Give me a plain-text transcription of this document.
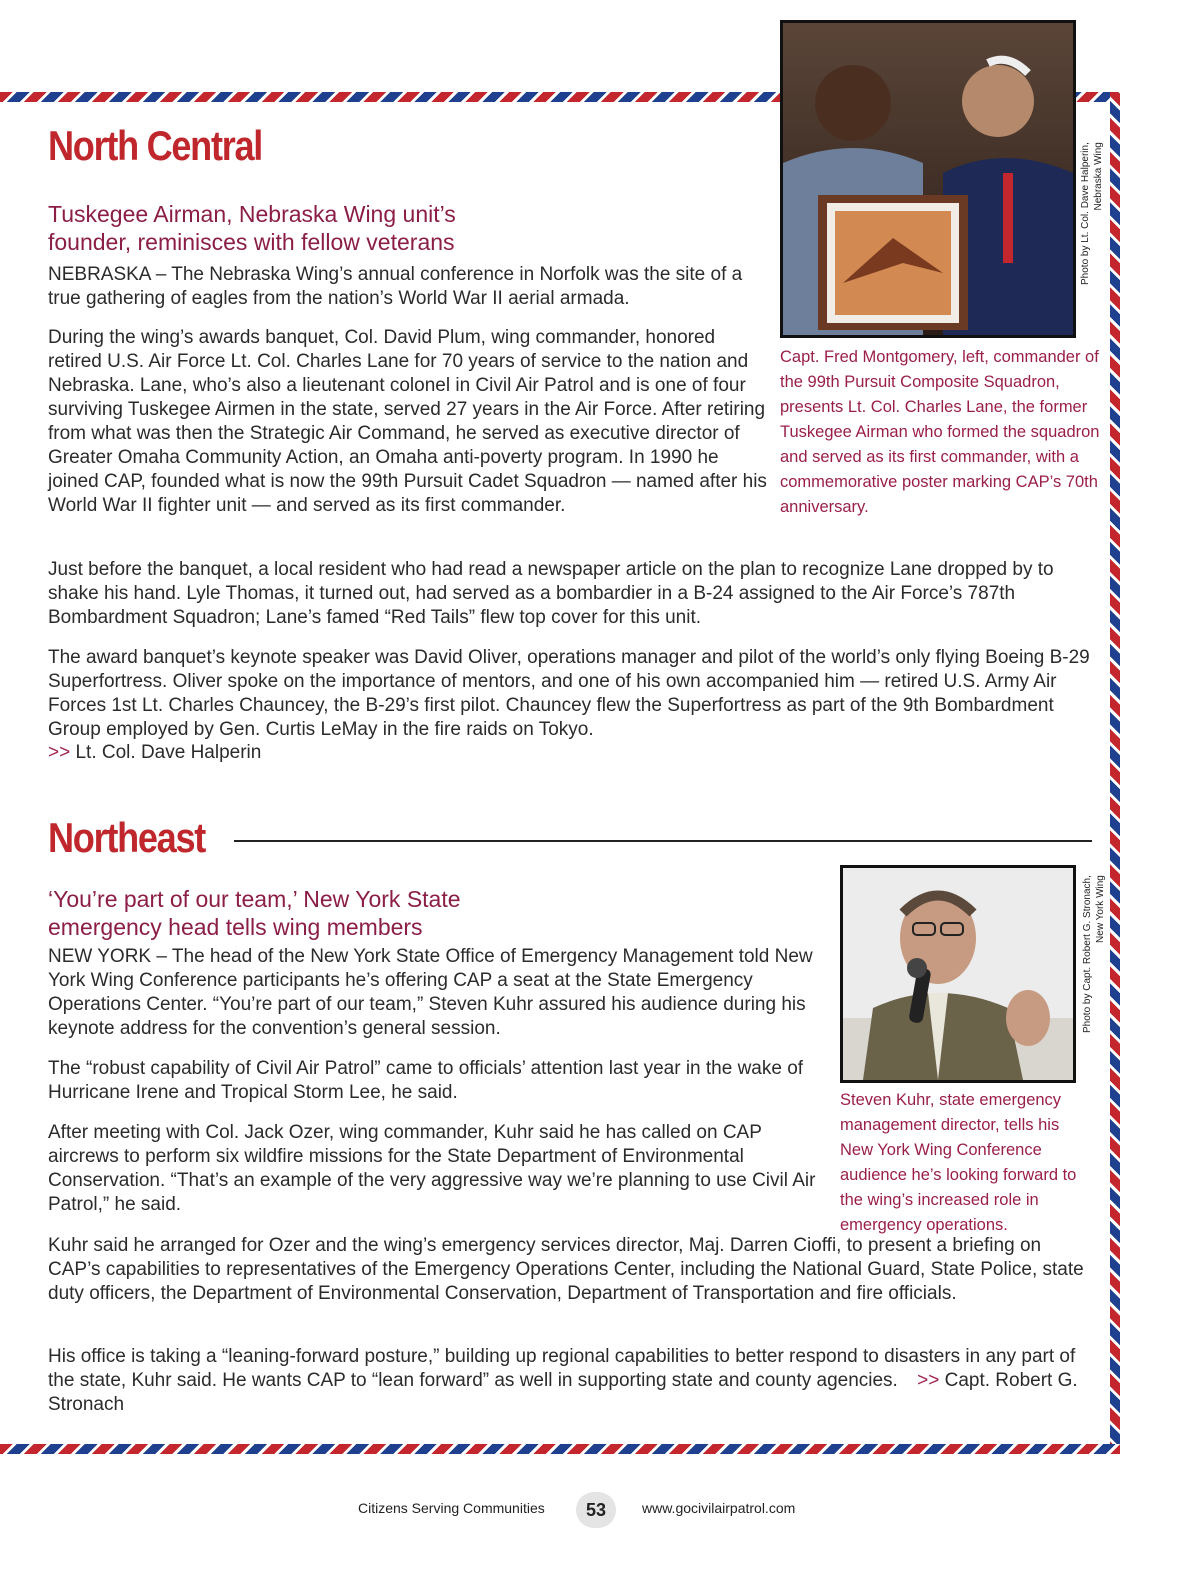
North Central
Tuskegee Airman, Nebraska Wing unit’s
founder, reminisces with fellow veterans

NEBRASKA – The Nebraska Wing’s annual conference in Norfolk was the site of a true gathering of eagles from the nation’s World War II aerial armada.

During the wing’s awards banquet, Col. David Plum, wing commander, honored retired U.S. Air Force Lt. Col. Charles Lane for 70 years of service to the nation and Nebraska. Lane, who’s also a lieutenant colonel in Civil Air Patrol and is one of four surviving Tuskegee Airmen in the state, served 27 years in the Air Force. After retiring from what was then the Strategic Air Command, he served as executive director of Greater Omaha Community Action, an Omaha anti-poverty program. In 1990 he joined CAP, founded what is now the 99th Pursuit Cadet Squadron — named after his World War II fighter unit — and served as its first commander.

Just before the banquet, a local resident who had read a newspaper article on the plan to recognize Lane dropped by to shake his hand. Lyle Thomas, it turned out, had served as a bombardier in a B-24 assigned to the Air Force’s 787th Bombardment Squadron; Lane’s famed “Red Tails” flew top cover for this unit.

The award banquet’s keynote speaker was David Oliver, operations manager and pilot of the world’s only flying Boeing B-29 Superfortress. Oliver spoke on the importance of mentors, and one of his own accompanied him — retired U.S. Army Air Forces 1st Lt. Charles Chauncey, the B-29’s first pilot. Chauncey flew the Superfortress as part of the 9th Bombardment Group employed by Gen. Curtis LeMay in the fire raids on Tokyo.

>> Lt. Col. Dave Halperin

Photo by Lt. Col. Dave Halperin, Nebraska Wing

Capt. Fred Montgomery, left, commander of the 99th Pursuit Composite Squadron, presents Lt. Col. Charles Lane, the former Tuskegee Airman who formed the squadron and served as its first commander, with a commemorative poster marking CAP’s 70th anniversary.

Northeast
‘You’re part of our team,’ New York State
emergency head tells wing members

NEW YORK – The head of the New York State Office of Emergency Management told New York Wing Conference participants he’s offering CAP a seat at the State Emergency Operations Center. “You’re part of our team,” Steven Kuhr assured his audience during his keynote address for the convention’s general session.

The “robust capability of Civil Air Patrol” came to officials’ attention last year in the wake of Hurricane Irene and Tropical Storm Lee, he said.

After meeting with Col. Jack Ozer, wing commander, Kuhr said he has called on CAP aircrews to perform six wildfire missions for the State Department of Environmental Conservation. “That’s an example of the very aggressive way we’re planning to use Civil Air Patrol,” he said.

Kuhr said he arranged for Ozer and the wing’s emergency services director, Maj. Darren Cioffi, to present a briefing on CAP’s capabilities to representatives of the Emergency Operations Center, including the National Guard, State Police, state duty officers, the Department of Environmental Conservation, Department of Transportation and fire officials.

His office is taking a “leaning-forward posture,” building up regional capabilities to better respond to disasters in any part of the state, Kuhr said. He wants CAP to “lean forward” as well in supporting state and county agencies. >> Capt. Robert G. Stronach

Photo by Capt. Robert G. Stronach, New York Wing

Steven Kuhr, state emergency management director, tells his New York Wing Conference audience he’s looking forward to the wing’s increased role in emergency operations.

Citizens Serving Communities	53	www.gocivilairpatrol.com
